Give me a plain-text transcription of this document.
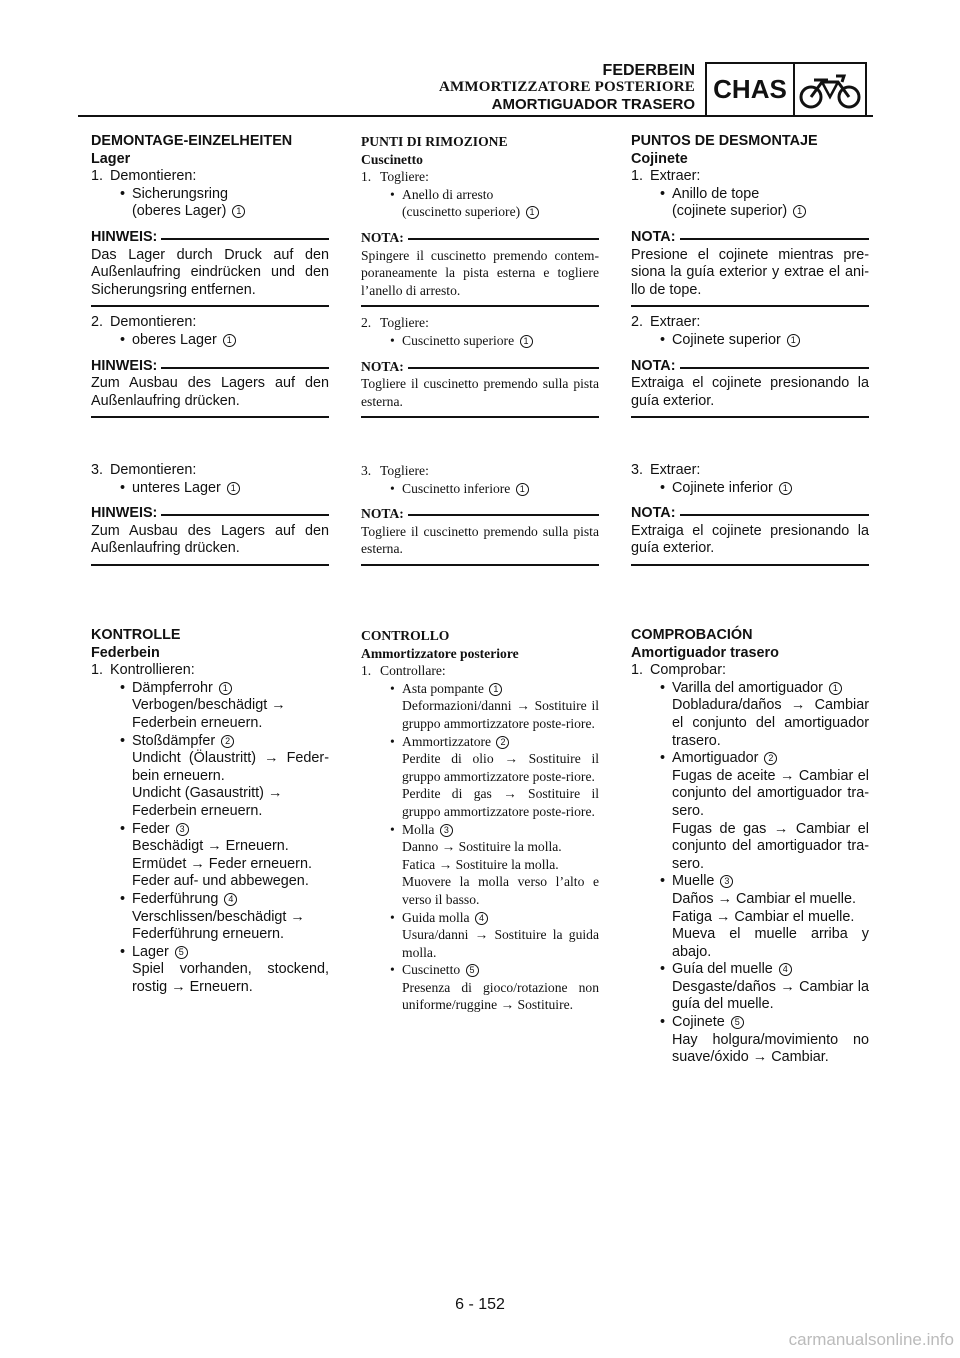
FEDERBEIN
AMMORTIZZATORE POSTERIORE
AMORTIGUADOR TRASERO
CHAS

DEMONTAGE-EINZELHEITEN

Lager

1. Demontieren:
• Sicherungsring
(oberes Lager) 1
HINWEIS:
Das Lager durch Druck auf den Außenlaufring eindrücken und den Sicherungsring entfernen.
2. Demontieren:
• oberes Lager 1
HINWEIS:
Zum Ausbau des Lagers auf den Außenlaufring drücken.
3. Demontieren:
• unteres Lager 1
HINWEIS:
Zum Ausbau des Lagers auf den Außenlaufring drücken.

KONTROLLE

Federbein

1. Kontrollieren:
• Dämpferrohr 1
Verbogen/beschädigt →
Federbein erneuern.
• Stoßdämpfer 2
Undicht (Ölaustritt) → Feder-bein erneuern.
Undicht (Gasaustritt) →
Federbein erneuern.
• Feder 3
Beschädigt → Erneuern.
Ermüdet → Feder erneuern.
Feder auf- und abbewegen.
• Federführung 4
Verschlissen/beschädigt →
Federführung erneuern.
• Lager 5
Spiel vorhanden, stockend, rostig → Erneuern.

PUNTI DI RIMOZIONE

Cuscinetto

1. Togliere:
• Anello di arresto
(cuscinetto superiore) 1
NOTA:
Spingere il cuscinetto premendo contem-poraneamente la pista esterna e togliere l’anello di arresto.
2. Togliere:
• Cuscinetto superiore 1
NOTA:
Togliere il cuscinetto premendo sulla pista esterna.
3. Togliere:
• Cuscinetto inferiore 1
NOTA:
Togliere il cuscinetto premendo sulla pista esterna.

CONTROLLO

Ammortizzatore posteriore

1. Controllare:
• Asta pompante 1
Deformazioni/danni → Sostituire il gruppo ammortizzatore poste-riore.
• Ammortizzatore 2
Perdite di olio → Sostituire il gruppo ammortizzatore poste-riore.
Perdite di gas → Sostituire il gruppo ammortizzatore poste-riore.
• Molla 3
Danno → Sostituire la molla.
Fatica → Sostituire la molla.
Muovere la molla verso l’alto e verso il basso.
• Guida molla 4
Usura/danni → Sostituire la guida molla.
• Cuscinetto 5
Presenza di gioco/rotazione non uniforme/ruggine → Sostituire.

PUNTOS DE DESMONTAJE

Cojinete

1. Extraer:
• Anillo de tope
(cojinete superior) 1
NOTA:
Presione el cojinete mientras pre-siona la guía exterior y extrae el ani-llo de tope.
2. Extraer:
• Cojinete superior 1
NOTA:
Extraiga el cojinete presionando la guía exterior.
3. Extraer:
• Cojinete inferior 1
NOTA:
Extraiga el cojinete presionando la guía exterior.

COMPROBACIÓN

Amortiguador trasero

1. Comprobar:
• Varilla del amortiguador 1
Dobladura/daños → Cambiar el conjunto del amortiguador trasero.
• Amortiguador 2
Fugas de aceite → Cambiar el conjunto del amortiguador tra-sero.
Fugas de gas → Cambiar el conjunto del amortiguador tra-sero.
• Muelle 3
Daños → Cambiar el muelle.
Fatiga → Cambiar el muelle.
Mueva el muelle arriba y abajo.
• Guía del muelle 4
Desgaste/daños → Cambiar la guía del muelle.
• Cojinete 5
Hay holgura/movimiento no suave/óxido → Cambiar.
6 - 152
carmanualsonline.info
